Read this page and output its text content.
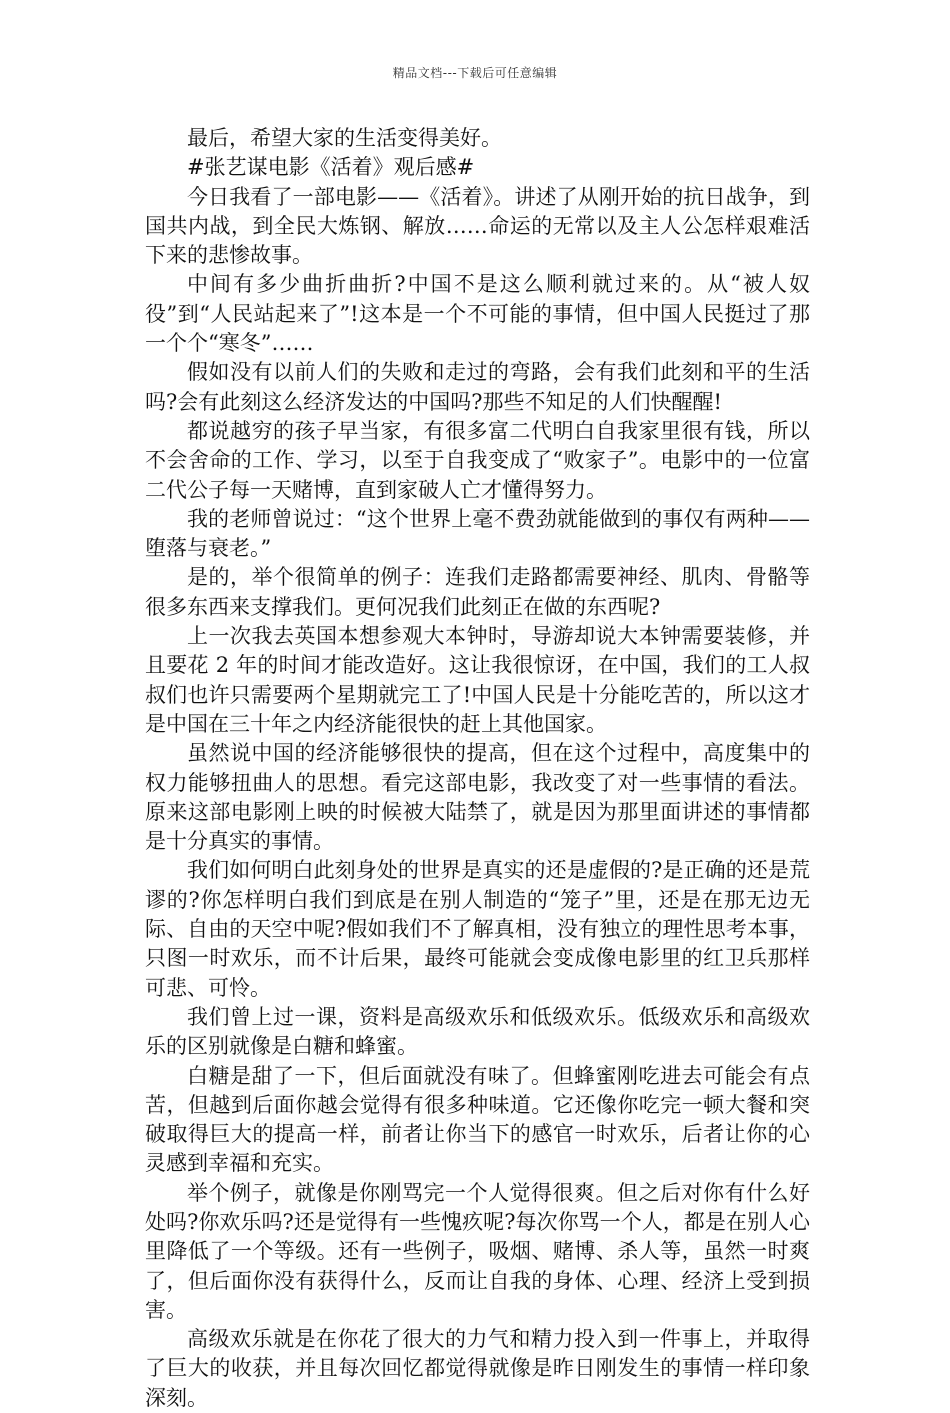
精品文档---下载后可任意编辑

最后，希望大家的生活变得美好。

#张艺谋电影《活着》观后感#

今日我看了一部电影——《活着》。讲述了从刚开始的抗日战争，到国共内战，到全民大炼钢、解放……命运的无常以及主人公怎样艰难活下来的悲惨故事。

中间有多少曲折曲折?中国不是这么顺利就过来的。从“被人奴役”到“人民站起来了”!这本是一个不可能的事情，但中国人民挺过了那一个个“寒冬”……

假如没有以前人们的失败和走过的弯路，会有我们此刻和平的生活吗?会有此刻这么经济发达的中国吗?那些不知足的人们快醒醒!

都说越穷的孩子早当家，有很多富二代明白自我家里很有钱，所以不会舍命的工作、学习，以至于自我变成了“败家子”。电影中的一位富二代公子每一天赌博，直到家破人亡才懂得努力。

我的老师曾说过：“这个世界上毫不费劲就能做到的事仅有两种——堕落与衰老。”

是的，举个很简单的例子：连我们走路都需要神经、肌肉、骨骼等很多东西来支撑我们。更何况我们此刻正在做的东西呢?

上一次我去英国本想参观大本钟时，导游却说大本钟需要装修，并且要花 2 年的时间才能改造好。这让我很惊讶，在中国，我们的工人叔叔们也许只需要两个星期就完工了!中国人民是十分能吃苦的，所以这才是中国在三十年之内经济能很快的赶上其他国家。

虽然说中国的经济能够很快的提高，但在这个过程中，高度集中的权力能够扭曲人的思想。看完这部电影，我改变了对一些事情的看法。原来这部电影刚上映的时候被大陆禁了，就是因为那里面讲述的事情都是十分真实的事情。

我们如何明白此刻身处的世界是真实的还是虚假的?是正确的还是荒谬的?你怎样明白我们到底是在别人制造的“笼子”里，还是在那无边无际、自由的天空中呢?假如我们不了解真相，没有独立的理性思考本事，只图一时欢乐，而不计后果，最终可能就会变成像电影里的红卫兵那样可悲、可怜。

我们曾上过一课，资料是高级欢乐和低级欢乐。低级欢乐和高级欢乐的区别就像是白糖和蜂蜜。

白糖是甜了一下，但后面就没有味了。但蜂蜜刚吃进去可能会有点苦，但越到后面你越会觉得有很多种味道。它还像你吃完一顿大餐和突破取得巨大的提高一样，前者让你当下的感官一时欢乐，后者让你的心灵感到幸福和充实。

举个例子，就像是你刚骂完一个人觉得很爽。但之后对你有什么好处吗?你欢乐吗?还是觉得有一些愧疚呢?每次你骂一个人，都是在别人心里降低了一个等级。还有一些例子，吸烟、赌博、杀人等，虽然一时爽了，但后面你没有获得什么，反而让自我的身体、心理、经济上受到损害。

高级欢乐就是在你花了很大的力气和精力投入到一件事上，并取得了巨大的收获，并且每次回忆都觉得就像是昨日刚发生的事情一样印象深刻。
